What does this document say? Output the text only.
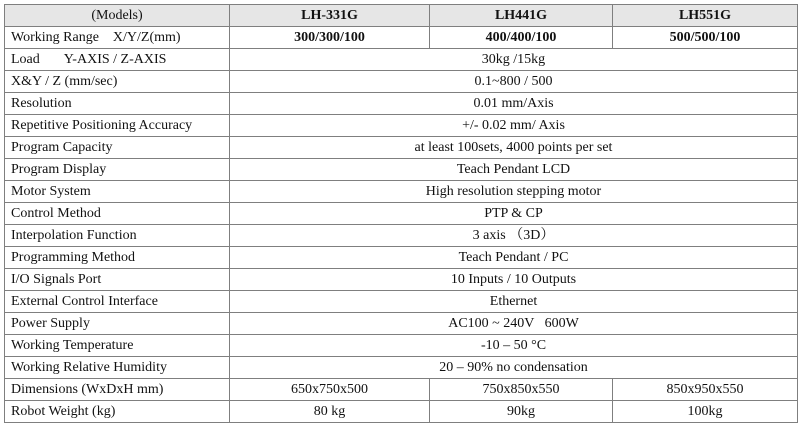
(Models)	LH-331G	LH441G	LH551G
Working Range    X/Y/Z(mm)	300/300/100	400/400/100	500/500/100
Load       Y-AXIS / Z-AXIS	30kg /15kg		
X&Y / Z (mm/sec)	0.1~800 / 500		
Resolution	0.01 mm/Axis		
Repetitive Positioning Accuracy	+/- 0.02 mm/ Axis		
Program Capacity	at least 100sets, 4000 points per set		
Program Display	Teach Pendant LCD		
Motor System	High resolution stepping motor		
Control Method	PTP & CP		
Interpolation Function	3 axis （3D）		
Programming Method	Teach Pendant / PC		
I/O Signals Port	10 Inputs / 10 Outputs		
External Control Interface	Ethernet		
Power Supply	AC100 ~ 240V   600W		
Working Temperature	-10 – 50 °C		
Working Relative Humidity	20 – 90% no condensation		
Dimensions (WxDxH mm)	650x750x500	750x850x550	850x950x550
Robot Weight (kg)	80 kg	90kg	100kg
